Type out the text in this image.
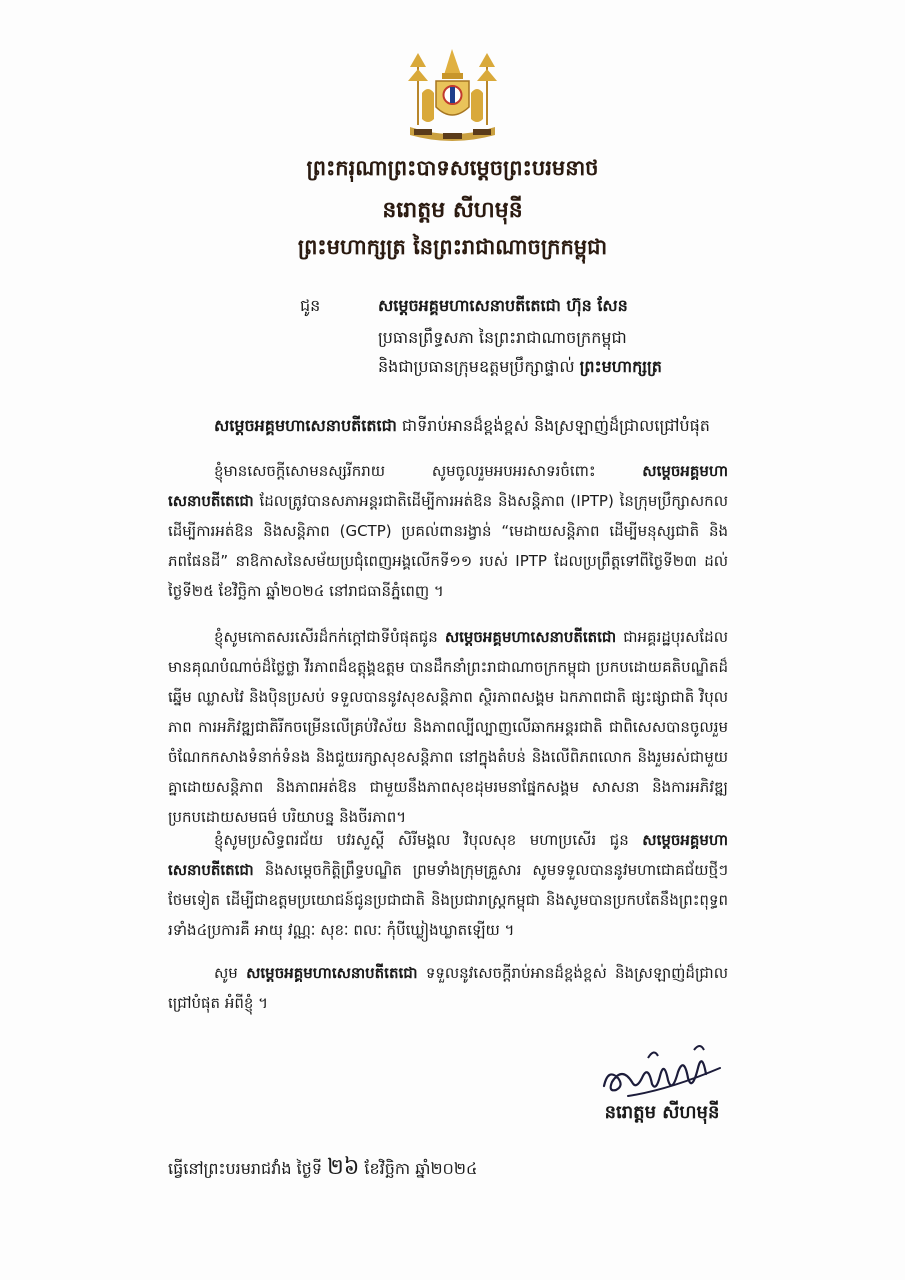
ព្រះករុណាព្រះបាទសម្តេចព្រះបរមនាថ
នរោត្តម សីហមុនី
ព្រះមហាក្សត្រ នៃព្រះរាជាណាចក្រកម្ពុជា
ជូន	សម្តេចអគ្គមហាសេនាបតីតេជោ ហ៊ុន សែន
ប្រធានព្រឹទ្ធសភា នៃព្រះរាជាណាចក្រកម្ពុជា
និងជាប្រធានក្រុមឧត្តមប្រឹក្សាផ្ទាល់ ព្រះមហាក្សត្រ
សម្តេចអគ្គមហាសេនាបតីតេជោ ជាទីរាប់អានដ៏ខ្ពង់ខ្ពស់ និងស្រឡាញ់ដ៏ជ្រាលជ្រៅបំផុត
ខ្ញុំមានសេចក្តីសោមនស្សរីករាយ សូមចូលរួមអបអរសាទរចំពោះ	សម្តេចអគ្គមហាសេនាបតីតេជោ ដែលត្រូវបានសភាអន្តរជាតិដើម្បីការអត់ឱន និងសន្តិភាព (IPTP) នៃក្រុមប្រឹក្សាសកលដើម្បីការអត់ឱន និងសន្តិភាព (GCTP) ប្រគល់ពានរង្វាន់ “មេដាយសន្តិភាព ដើម្បីមនុស្សជាតិ និងភពផែនដី” នាឱកាសនៃសម័យប្រជុំពេញអង្គលើកទី១១ របស់ IPTP ដែលប្រព្រឹត្តទៅពីថ្ងៃទី២៣ ដល់ថ្ងៃទី២៥ ខែវិច្ឆិកា ឆ្នាំ២០២៤ នៅរាជធានីភ្នំពេញ ។
ខ្ញុំសូមកោតសរសើរដ៏កក់ក្តៅជាទីបំផុតជូន សម្តេចអគ្គមហាសេនាបតីតេជោ ជាអគ្គរដ្ឋបុរសដែលមានគុណបំណាច់ដ៏ថ្លៃថ្លា វីរភាពដ៏ឧត្តុង្គឧត្តម បានដឹកនាំព្រះរាជាណាចក្រកម្ពុជា ប្រកបដោយគតិបណ្ឌិតដ៏ឆ្នើម ឈ្លាសវៃ និងប៉ិនប្រសប់ ទទួលបាននូវសុខសន្តិភាព ស្ថិរភាពសង្គម ឯកភាពជាតិ ផ្សះផ្សាជាតិ វិបុលភាព ការអភិវឌ្ឍជាតិរីកចម្រើនលើគ្រប់វិស័យ និងភាពល្បីល្បាញលើឆាកអន្តរជាតិ ជាពិសេសបានចូលរួមចំណែកកសាងទំនាក់ទំនង និងជួយរក្សាសុខសន្តិភាព នៅក្នុងតំបន់ និងលើពិភពលោក និងរួមរស់ជាមួយគ្នាដោយសន្តិភាព និងភាពអត់ឱន ជាមួយនឹងភាពសុខដុមរមនាផ្នែកសង្គម សាសនា និងការអភិវឌ្ឍប្រកបដោយសមធម៌ បរិយាបន្ន និងចីរភាព។
ខ្ញុំសូមប្រសិទ្ធពរជ័យ បវរសួស្តី សិរីមង្គល វិបុលសុខ មហាប្រសើរ ជូន សម្តេចអគ្គមហាសេនាបតីតេជោ និងសម្តេចកិត្តិព្រឹទ្ធបណ្ឌិត ព្រមទាំងក្រុមគ្រួសារ សូមទទួលបាននូវមហាជោគជ័យថ្មីៗ ថែមទៀត ដើម្បីជាឧត្តមប្រយោជន៍ជូនប្រជាជាតិ និងប្រជារាស្ត្រកម្ពុជា និងសូមបានប្រកបតែនឹងព្រះពុទ្ធពរទាំង៤ប្រការគឺ អាយុ វណ្ណៈ សុខៈ ពលៈ កុំបីឃ្លៀងឃ្លាតឡើយ ។
សូម សម្តេចអគ្គមហាសេនាបតីតេជោ ទទួលនូវសេចក្តីរាប់អានដ៏ខ្ពង់ខ្ពស់ និងស្រឡាញ់ដ៏ជ្រាលជ្រៅបំផុត អំពីខ្ញុំ ។
នរោត្តម សីហមុនី
ធ្វើនៅព្រះបរមរាជវាំង ថ្ងៃទី ២៦ ខែវិច្ឆិកា ឆ្នាំ២០២៤
